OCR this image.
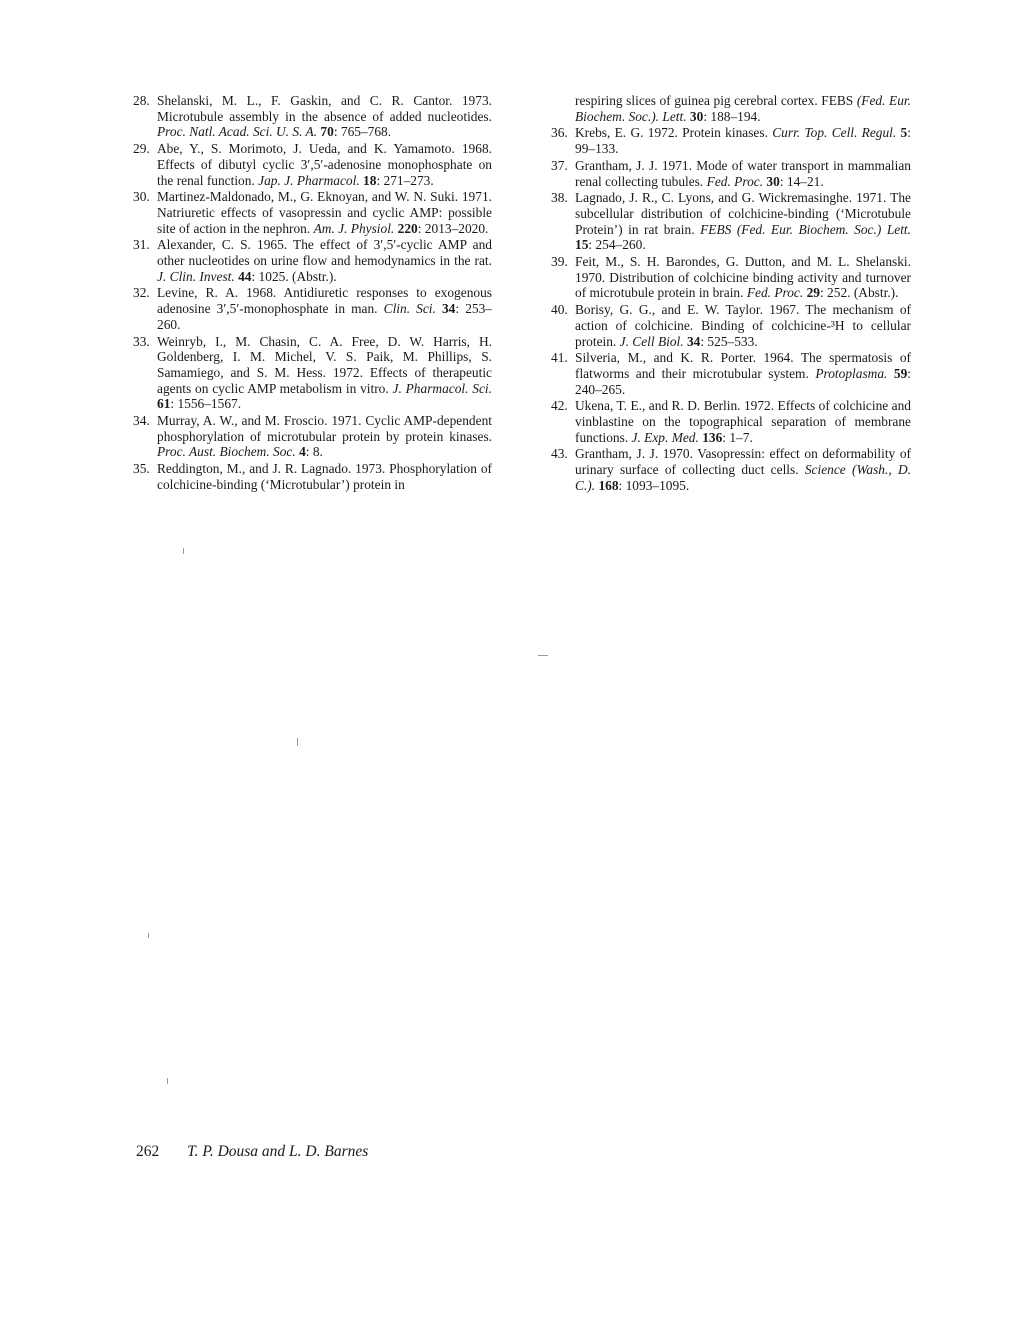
28. Shelanski, M. L., F. Gaskin, and C. R. Cantor. 1973. Microtubule assembly in the absence of added nucleotides. Proc. Natl. Acad. Sci. U. S. A. 70: 765–768.
29. Abe, Y., S. Morimoto, J. Ueda, and K. Yamamoto. 1968. Effects of dibutyl cyclic 3′,5′-adenosine monophosphate on the renal function. Jap. J. Pharmacol. 18: 271–273.
30. Martinez-Maldonado, M., G. Eknoyan, and W. N. Suki. 1971. Natriuretic effects of vasopressin and cyclic AMP: possible site of action in the nephron. Am. J. Physiol. 220: 2013–2020.
31. Alexander, C. S. 1965. The effect of 3′,5′-cyclic AMP and other nucleotides on urine flow and hemodynamics in the rat. J. Clin. Invest. 44: 1025. (Abstr.).
32. Levine, R. A. 1968. Antidiuretic responses to exogenous adenosine 3′,5′-monophosphate in man. Clin. Sci. 34: 253–260.
33. Weinryb, I., M. Chasin, C. A. Free, D. W. Harris, H. Goldenberg, I. M. Michel, V. S. Paik, M. Phillips, S. Samamiego, and S. M. Hess. 1972. Effects of therapeutic agents on cyclic AMP metabolism in vitro. J. Pharmacol. Sci. 61: 1556–1567.
34. Murray, A. W., and M. Froscio. 1971. Cyclic AMP-dependent phosphorylation of microtubular protein by protein kinases. Proc. Aust. Biochem. Soc. 4: 8.
35. Reddington, M., and J. R. Lagnado. 1973. Phosphorylation of colchicine-binding (‘Microtubular’) protein in
respiring slices of guinea pig cerebral cortex. FEBS (Fed. Eur. Biochem. Soc.). Lett. 30: 188–194.
36. Krebs, E. G. 1972. Protein kinases. Curr. Top. Cell. Regul. 5: 99–133.
37. Grantham, J. J. 1971. Mode of water transport in mammalian renal collecting tubules. Fed. Proc. 30: 14–21.
38. Lagnado, J. R., C. Lyons, and G. Wickremasinghe. 1971. The subcellular distribution of colchicine-binding (‘Microtubule Protein’) in rat brain. FEBS (Fed. Eur. Biochem. Soc.) Lett. 15: 254–260.
39. Feit, M., S. H. Barondes, G. Dutton, and M. L. Shelanski. 1970. Distribution of colchicine binding activity and turnover of microtubule protein in brain. Fed. Proc. 29: 252. (Abstr.).
40. Borisy, G. G., and E. W. Taylor. 1967. The mechanism of action of colchicine. Binding of colchicine-³H to cellular protein. J. Cell Biol. 34: 525–533.
41. Silveria, M., and K. R. Porter. 1964. The spermatosis of flatworms and their microtubular system. Protoplasma. 59: 240–265.
42. Ukena, T. E., and R. D. Berlin. 1972. Effects of colchicine and vinblastine on the topographical separation of membrane functions. J. Exp. Med. 136: 1–7.
43. Grantham, J. J. 1970. Vasopressin: effect on deformability of urinary surface of collecting duct cells. Science (Wash., D. C.). 168: 1093–1095.
262 T. P. Dousa and L. D. Barnes
